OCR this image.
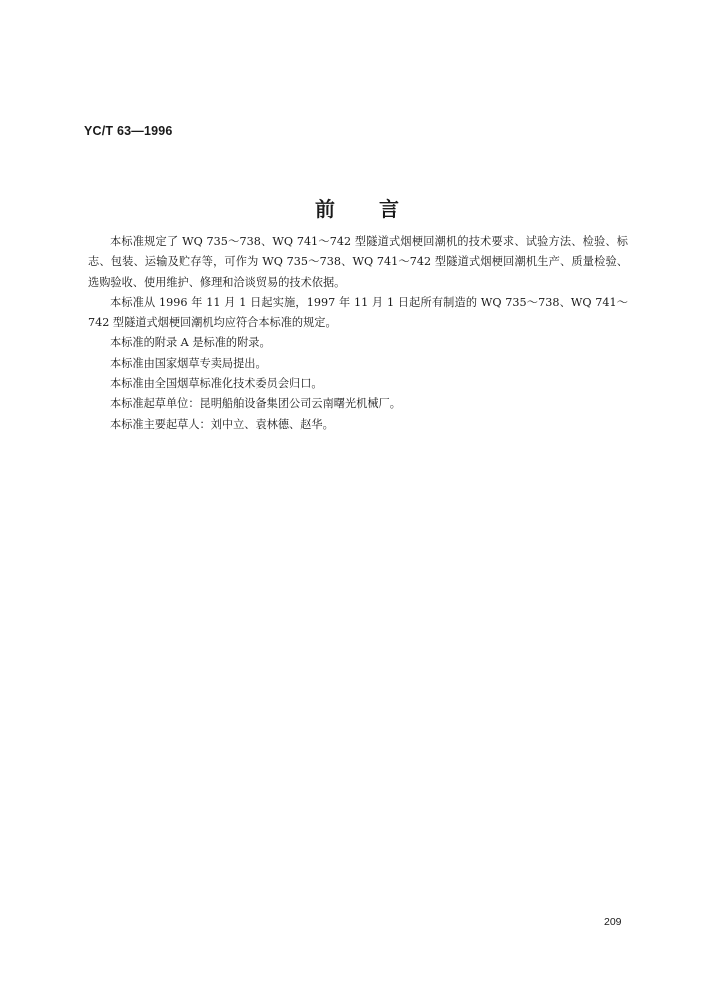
YC/T 63—1996
前言

本标准规定了 WQ 735～738、WQ 741～742 型隧道式烟梗回潮机的技术要求、试验方法、检验、标志、包装、运输及贮存等，可作为 WQ 735～738、WQ 741～742 型隧道式烟梗回潮机生产、质量检验、选购验收、使用维护、修理和洽谈贸易的技术依据。

本标准从 1996 年 11 月 1 日起实施，1997 年 11 月 1 日起所有制造的 WQ 735～738、WQ 741～742 型隧道式烟梗回潮机均应符合本标准的规定。

本标准的附录 A 是标准的附录。

本标准由国家烟草专卖局提出。

本标准由全国烟草标准化技术委员会归口。

本标准起草单位：昆明船舶设备集团公司云南曙光机械厂。

本标准主要起草人：刘中立、袁林德、赵华。

209
